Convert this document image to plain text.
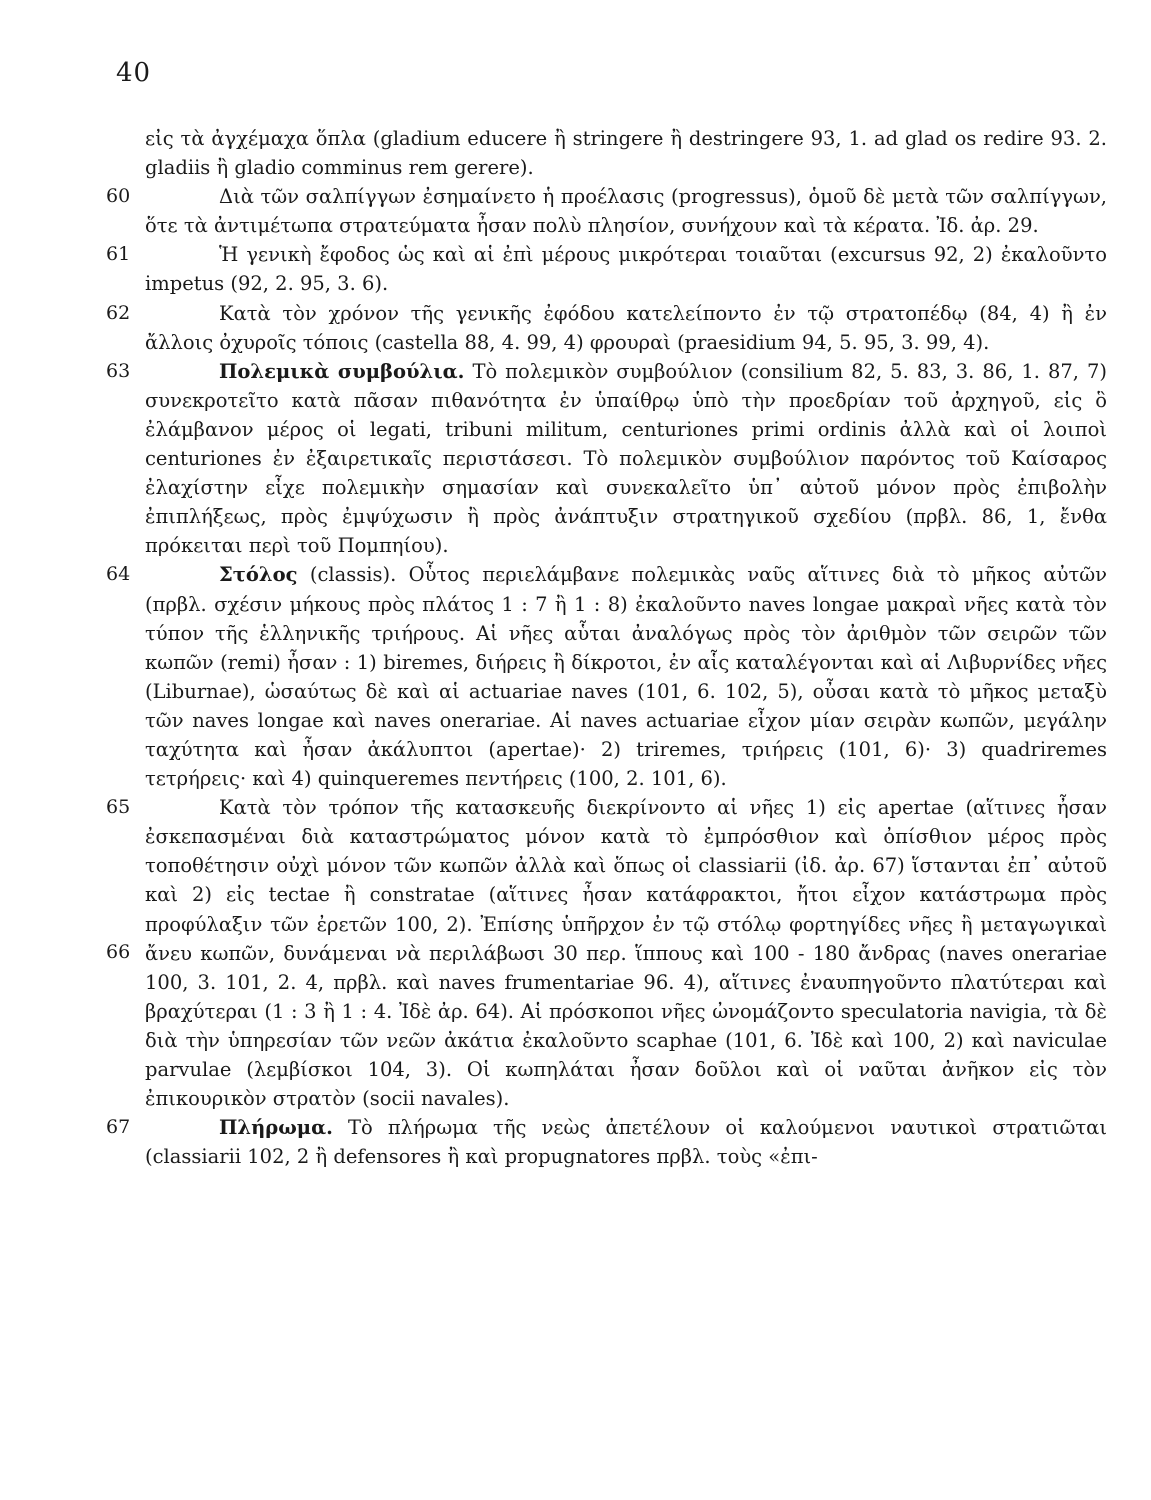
40
66

εἰς τὰ ἀγχέμαχα ὅπλα (gladium educere ἢ stringere ἢ destringere 93, 1. ad glad os redire 93. 2. gladiis ἢ gladio comminus rem gerere).

60	Διὰ τῶν σαλπίγγων ἐσημαίνετο ἡ προέλασις (progressus), ὁμοῦ δὲ μετὰ τῶν σαλπίγγων, ὅτε τὰ ἀντιμέτωπα στρατεύματα ἦσαν πολὺ πλησίον, συνήχουν καὶ τὰ κέρατα. Ἰδ. ἀρ. 29.

61	Ἡ γενικὴ ἔφοδος ὡς καὶ αἱ ἐπὶ μέρους μικρότεραι τοιαῦται (excursus 92, 2) ἐκαλοῦντο impetus (92, 2. 95, 3. 6).

62	Κατὰ τὸν χρόνον τῆς γενικῆς ἐφόδου κατελείποντο ἐν τῷ στρατοπέδῳ (84, 4) ἢ ἐν ἄλλοις ὀχυροῖς τόποις (castella 88, 4. 99, 4) φρουραὶ (praesidium 94, 5. 95, 3. 99, 4).

63	Πολεμικὰ συμβούλια. Τὸ πολεμικὸν συμβούλιον (consilium 82, 5. 83, 3. 86, 1. 87, 7) συνεκροτεῖτο κατὰ πᾶσαν πιθανότητα ἐν ὑπαίθρῳ ὑπὸ τὴν προεδρίαν τοῦ ἀρχηγοῦ, εἰς ὃ ἐλάμβανον μέρος οἱ legati, tribuni militum, centuriones primi ordinis ἀλλὰ καὶ οἱ λοιποὶ centuriones ἐν ἐξαιρετικαῖς περιστάσεσι. Τὸ πολεμικὸν συμβούλιον παρόντος τοῦ Καίσαρος ἐλαχίστην εἶχε πολεμικὴν σημασίαν καὶ συνεκαλεῖτο ὑπ᾽ αὐτοῦ μόνον πρὸς ἐπιβολὴν ἐπιπλήξεως, πρὸς ἐμψύχωσιν ἢ πρὸς ἀνάπτυξιν στρατηγικοῦ σχεδίου (πρβλ. 86, 1, ἔνθα πρόκειται περὶ τοῦ Πομπηίου).

64	Στόλος (classis). Οὗτος περιελάμβανε πολεμικὰς ναῦς αἵτινες διὰ τὸ μῆκος αὐτῶν (πρβλ. σχέσιν μήκους πρὸς πλάτος 1 : 7 ἢ 1 : 8) ἐκαλοῦντο naves longae μακραὶ νῆες κατὰ τὸν τύπον τῆς ἑλληνικῆς τριήρους. Αἱ νῆες αὗται ἀναλόγως πρὸς τὸν ἀριθμὸν τῶν σειρῶν τῶν κωπῶν (remi) ἦσαν : 1) biremes, διήρεις ἢ δίκροτοι, ἐν αἷς καταλέγονται καὶ αἱ Λιβυρνίδες νῆες (Liburnae), ὡσαύτως δὲ καὶ αἱ actuariae naves (101, 6. 102, 5), οὖσαι κατὰ τὸ μῆκος μεταξὺ τῶν naves longae καὶ naves onerariae. Αἱ naves actuariae εἶχον μίαν σειρὰν κωπῶν, μεγάλην ταχύτητα καὶ ἦσαν ἀκάλυπτοι (apertae)· 2) triremes, τριήρεις (101, 6)· 3) quadriremes τετρήρεις· καὶ 4) quinqueremes πεντήρεις (100, 2. 101, 6).

65	Κατὰ τὸν τρόπον τῆς κατασκευῆς διεκρίνοντο αἱ νῆες 1) εἰς apertae (αἵτινες ἦσαν ἐσκεπασμέναι διὰ καταστρώματος μόνον κατὰ τὸ ἐμπρόσθιον καὶ ὀπίσθιον μέρος πρὸς τοποθέτησιν οὐχὶ μόνον τῶν κωπῶν ἀλλὰ καὶ ὅπως οἱ classiarii (ἰδ. ἀρ. 67) ἵστανται ἐπ᾽ αὐτοῦ καὶ 2) εἰς tectae ἢ constratae (αἵτινες ἦσαν κατάφρακτοι, ἤτοι εἶχον κατάστρωμα πρὸς προφύλαξιν τῶν ἐρετῶν 100, 2). Ἐπίσης ὑπῆρχον ἐν τῷ στόλῳ φορτηγίδες νῆες ἢ μεταγωγικαὶ ἄνευ κωπῶν, δυνάμεναι νὰ περιλάβωσι 30 περ. ἵππους καὶ 100 - 180 ἄνδρας (naves onerariae 100, 3. 101, 2. 4, πρβλ. καὶ naves frumentariae 96. 4), αἵτινες ἐναυπηγοῦντο πλατύτεραι καὶ βραχύτεραι (1 : 3 ἢ 1 : 4. Ἰδὲ ἀρ. 64). Αἱ πρόσκοποι νῆες ὠνομάζοντο speculatoria navigia, τὰ δὲ διὰ τὴν ὑπηρεσίαν τῶν νεῶν ἀκάτια ἐκαλοῦντο scaphae (101, 6. Ἰδὲ καὶ 100, 2) καὶ naviculae parvulae (λεμβίσκοι 104, 3). Οἱ κωπηλάται ἦσαν δοῦλοι καὶ οἱ ναῦται ἀνῆκον εἰς τὸν ἐπικουρικὸν στρατὸν (socii navales).

67	Πλήρωμα. Τὸ πλήρωμα τῆς νεὼς ἀπετέλουν οἱ καλούμενοι ναυτικοὶ στρατιῶται (classiarii 102, 2 ἢ defensores ἢ καὶ propugnatores πρβλ. τοὺς «ἐπι-
